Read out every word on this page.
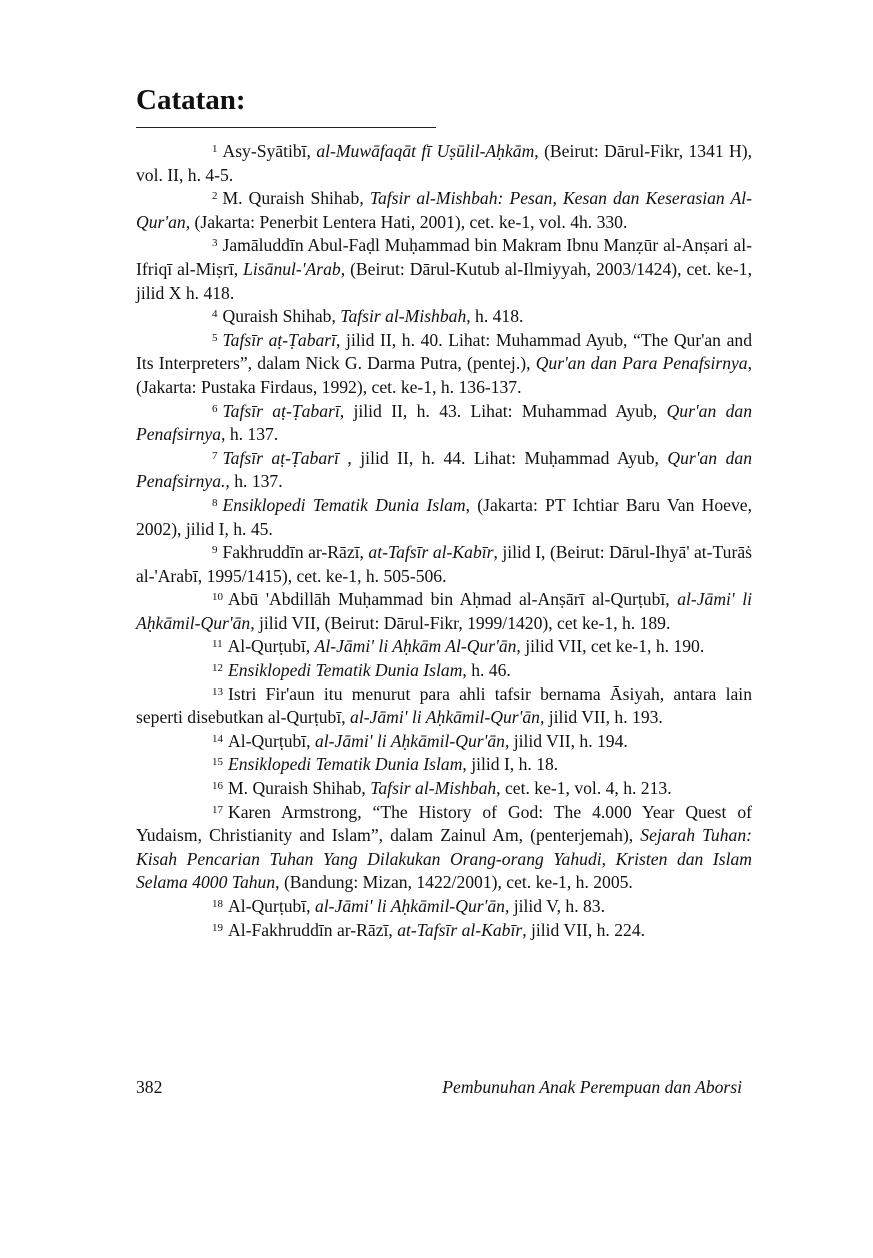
Catatan:

$^1$ Asy-Syātibī, al-Muwāfaqāt fī Uṣūlil-Aḥkām, (Beirut: Dārul-Fikr, 1341 H), vol. II, h. 4-5.

$^2$ M. Quraish Shihab, Tafsir al-Mishbah: Pesan, Kesan dan Keserasian Al-Qur'an, (Jakarta: Penerbit Lentera Hati, 2001), cet. ke-1, vol. 4h. 330.

$^3$ Jamāluddīn Abul-Faḍl Muḥammad bin Makram Ibnu Manẓūr al-Anṣari al-Ifriqī al-Miṣrī, Lisānul-'Arab, (Beirut: Dārul-Kutub al-Ilmiyyah, 2003/1424), cet. ke-1, jilid X h. 418.

$^4$ Quraish Shihab, Tafsir al-Mishbah, h. 418.

$^5$ Tafsīr aṭ-Ṭabarī, jilid II, h. 40. Lihat: Muhammad Ayub, “The Qur'an and Its Interpreters”, dalam Nick G. Darma Putra, (pentej.), Qur'an dan Para Penafsirnya, (Jakarta: Pustaka Firdaus, 1992), cet. ke-1, h. 136-137.

$^6$ Tafsīr aṭ-Ṭabarī, jilid II, h. 43. Lihat: Muhammad Ayub, Qur'an dan Penafsirnya, h. 137.

$^7$ Tafsīr aṭ-Ṭabarī , jilid II, h. 44. Lihat: Muḥammad Ayub, Qur'an dan Penafsirnya., h. 137.

$^8$ Ensiklopedi Tematik Dunia Islam, (Jakarta: PT Ichtiar Baru Van Hoeve, 2002), jilid I, h. 45.

$^9$ Fakhruddīn ar-Rāzī, at-Tafsīr al-Kabīr, jilid I, (Beirut: Dārul-Ihyā' at-Turāṡ al-'Arabī, 1995/1415), cet. ke-1, h. 505-506.

$^{10}$ Abū 'Abdillāh Muḥammad bin Aḥmad al-Anṣārī al-Qurṭubī, al-Jāmi' li Aḥkāmil-Qur'ān, jilid VII, (Beirut: Dārul-Fikr, 1999/1420), cet ke-1, h. 189.

$^{11}$ Al-Qurṭubī, Al-Jāmi' li Aḥkām Al-Qur'ān, jilid VII, cet ke-1, h. 190.

$^{12}$ Ensiklopedi Tematik Dunia Islam, h. 46.

$^{13}$ Istri Fir'aun itu menurut para ahli tafsir bernama Āsiyah, antara lain seperti disebutkan al-Qurṭubī, al-Jāmi' li Aḥkāmil-Qur'ān, jilid VII, h. 193.

$^{14}$ Al-Qurṭubī, al-Jāmi' li Aḥkāmil-Qur'ān, jilid VII, h. 194.

$^{15}$ Ensiklopedi Tematik Dunia Islam, jilid I, h. 18.

$^{16}$ M. Quraish Shihab, Tafsir al-Mishbah, cet. ke-1, vol. 4, h. 213.

$^{17}$ Karen Armstrong, “The History of God: The 4.000 Year Quest of Yudaism, Christianity and Islam”, dalam Zainul Am, (penterjemah), Sejarah Tuhan: Kisah Pencarian Tuhan Yang Dilakukan Orang-orang Yahudi, Kristen dan Islam Selama 4000 Tahun, (Bandung: Mizan, 1422/2001), cet. ke-1, h. 2005.

$^{18}$ Al-Qurṭubī, al-Jāmi' li Aḥkāmil-Qur'ān, jilid V, h. 83.

$^{19}$ Al-Fakhruddīn ar-Rāzī, at-Tafsīr al-Kabīr, jilid VII, h. 224.

382	Pembunuhan Anak Perempuan dan Aborsi
